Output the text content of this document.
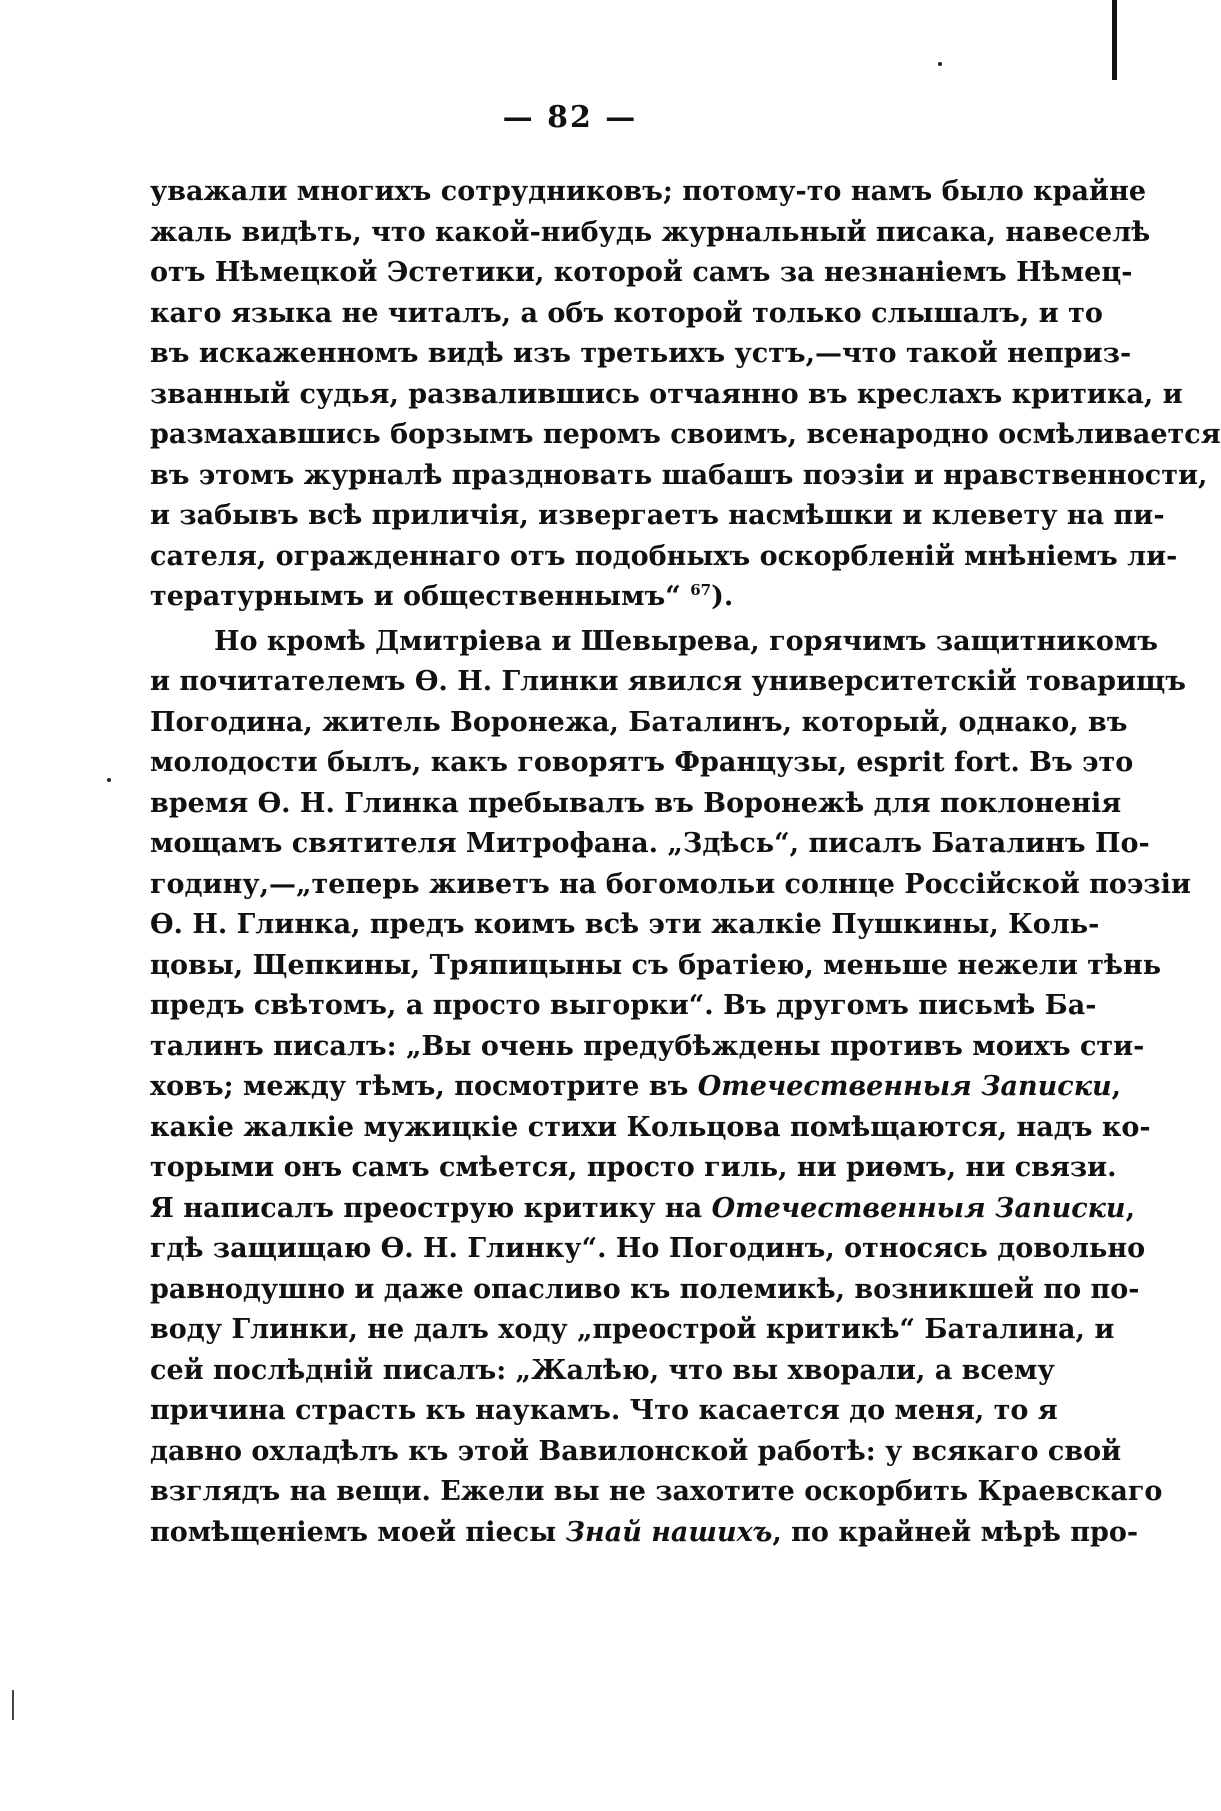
— 82 —
уважали многихъ сотрудниковъ; потому-то намъ было крайне
жаль видѣть, что какой-нибудь журнальный писака, навеселѣ
отъ Нѣмецкой Эстетики, которой самъ за незнаніемъ Нѣмец-
каго языка не читалъ, а объ которой только слышалъ, и то
въ искаженномъ видѣ изъ третьихъ устъ,—что такой неприз-
званный судья, развалившись отчаянно въ креслахъ критика, и
размахавшись борзымъ перомъ своимъ, всенародно осмѣливается
въ этомъ журналѣ праздновать шабашъ поэзіи и нравственности,
и забывъ всѣ приличія, извергаетъ насмѣшки и клевету на пи-
сателя, огражденнаго отъ подобныхъ оскорбленій мнѣніемъ ли-
тературнымъ и общественнымъ“ $^{67}$).
Но кромѣ Дмитріева и Шевырева, горячимъ защитникомъ
и почитателемъ Ѳ. Н. Глинки явился университетскій товарищъ
Погодина, житель Воронежа, Баталинъ, который, однако, въ
молодости былъ, какъ говорятъ Французы, esprit fort. Въ это
время Ѳ. Н. Глинка пребывалъ въ Воронежѣ для поклоненія
мощамъ святителя Митрофана. „Здѣсь“, писалъ Баталинъ По-
годину,—„теперь живетъ на богомольи солнце Россійской поэзіи
Ѳ. Н. Глинка, предъ коимъ всѣ эти жалкіе Пушкины, Коль-
цовы, Щепкины, Тряпицыны съ братіею, меньше нежели тѣнь
предъ свѣтомъ, а просто выгорки“. Въ другомъ письмѣ Ба-
талинъ писалъ: „Вы очень предубѣждены противъ моихъ сти-
ховъ; между тѣмъ, посмотрите въ Отечественныя Записки,
какіе жалкіе мужицкіе стихи Кольцова помѣщаются, надъ ко-
торыми онъ самъ смѣется, просто гиль, ни риѳмъ, ни связи.
Я написалъ преострую критику на Отечественныя Записки,
гдѣ защищаю Ѳ. Н. Глинку“. Но Погодинъ, относясь довольно
равнодушно и даже опасливо къ полемикѣ, возникшей по по-
воду Глинки, не далъ ходу „преострой критикѣ“ Баталина, и
сей послѣдній писалъ: „Жалѣю, что вы хворали, а всему
причина страсть къ наукамъ. Что касается до меня, то я
давно охладѣлъ къ этой Вавилонской работѣ: у всякаго свой
взглядъ на вещи. Ежели вы не захотите оскорбить Краевскаго
помѣщеніемъ моей піесы Знай нашихъ, по крайней мѣрѣ про-
